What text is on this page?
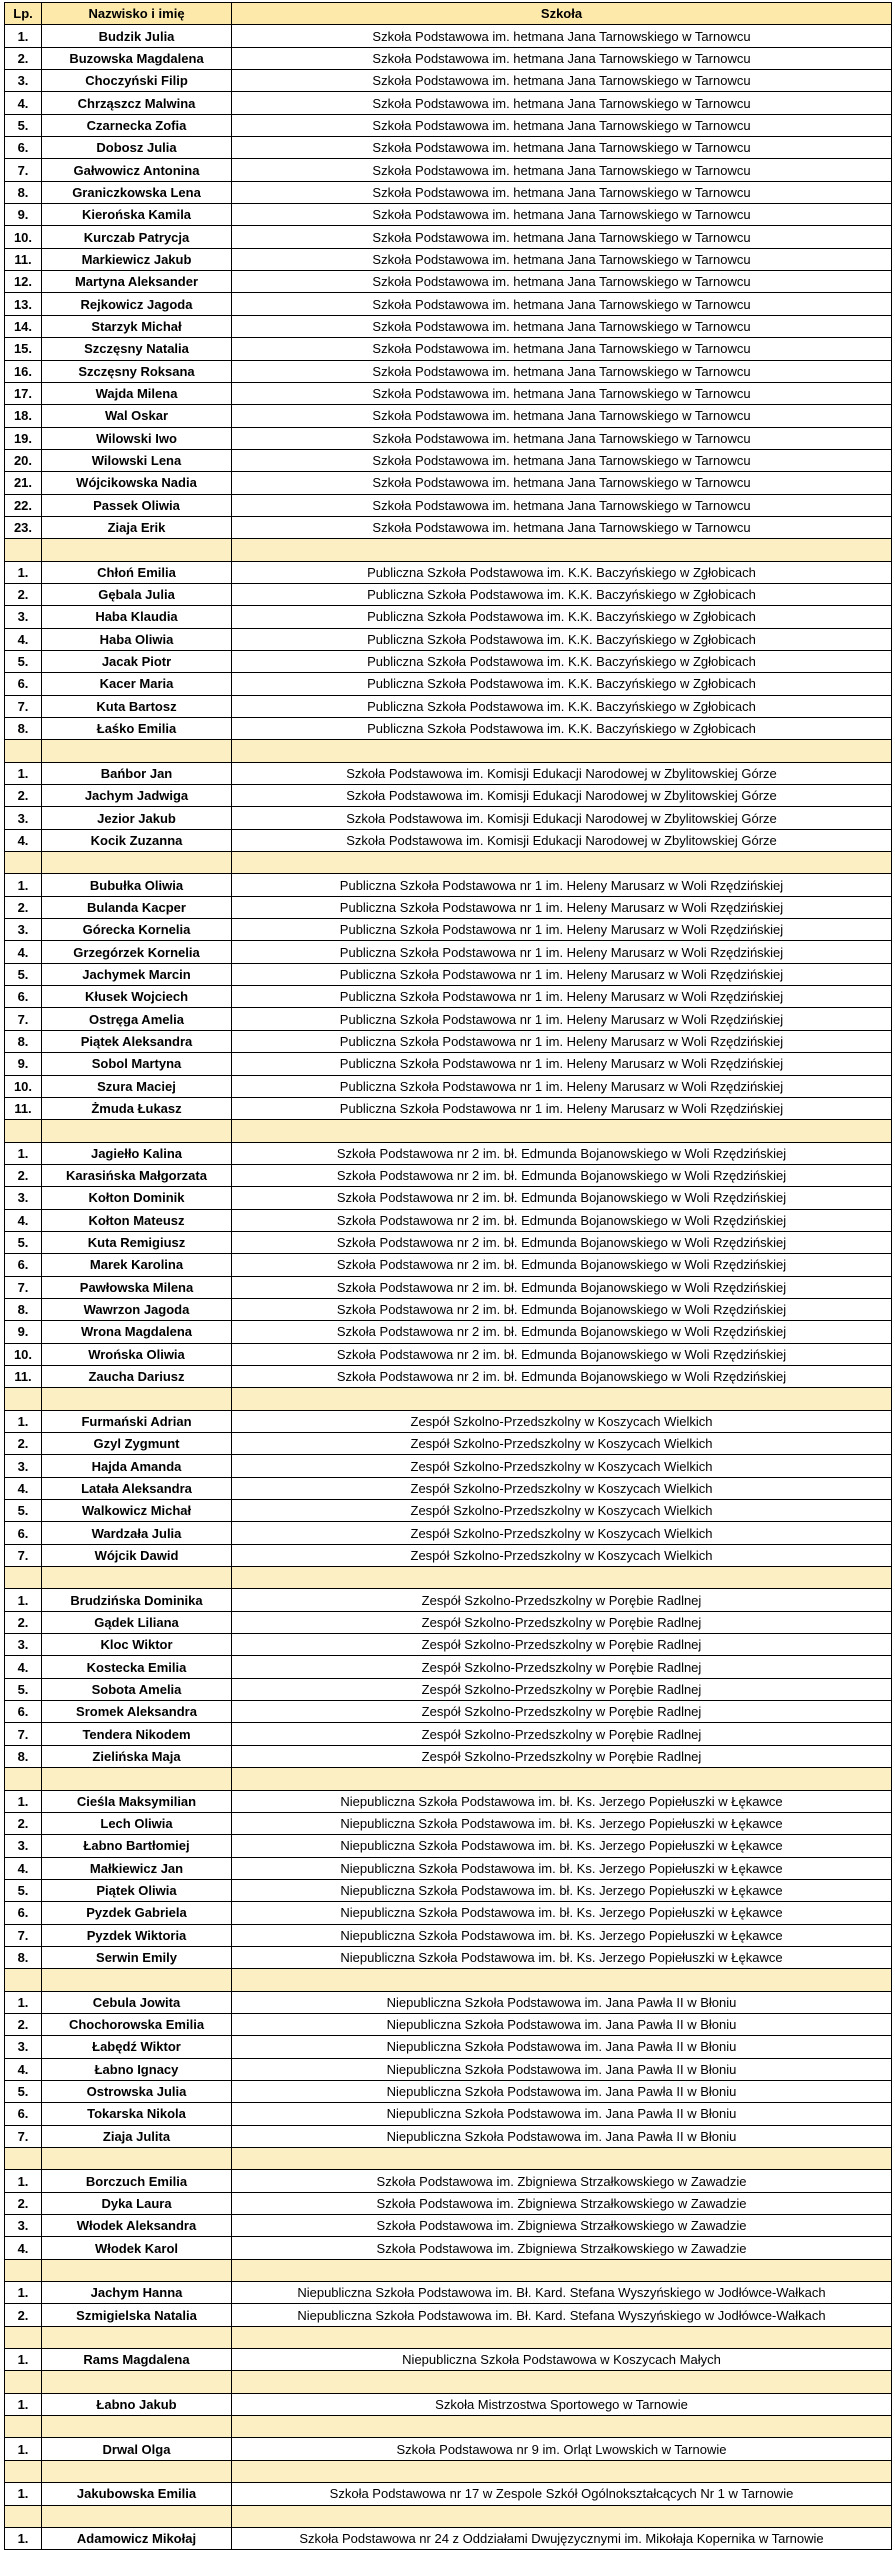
Lp.	Nazwisko i imię	Szkoła
1.	Budzik Julia	Szkoła Podstawowa im. hetmana Jana Tarnowskiego w Tarnowcu
2.	Buzowska Magdalena	Szkoła Podstawowa im. hetmana Jana Tarnowskiego w Tarnowcu
3.	Choczyński Filip	Szkoła Podstawowa im. hetmana Jana Tarnowskiego w Tarnowcu
4.	Chrząszcz Malwina	Szkoła Podstawowa im. hetmana Jana Tarnowskiego w Tarnowcu
5.	Czarnecka Zofia	Szkoła Podstawowa im. hetmana Jana Tarnowskiego w Tarnowcu
6.	Dobosz Julia	Szkoła Podstawowa im. hetmana Jana Tarnowskiego w Tarnowcu
7.	Gałwowicz Antonina	Szkoła Podstawowa im. hetmana Jana Tarnowskiego w Tarnowcu
8.	Graniczkowska Lena	Szkoła Podstawowa im. hetmana Jana Tarnowskiego w Tarnowcu
9.	Kierońska Kamila	Szkoła Podstawowa im. hetmana Jana Tarnowskiego w Tarnowcu
10.	Kurczab Patrycja	Szkoła Podstawowa im. hetmana Jana Tarnowskiego w Tarnowcu
11.	Markiewicz Jakub	Szkoła Podstawowa im. hetmana Jana Tarnowskiego w Tarnowcu
12.	Martyna Aleksander	Szkoła Podstawowa im. hetmana Jana Tarnowskiego w Tarnowcu
13.	Rejkowicz Jagoda	Szkoła Podstawowa im. hetmana Jana Tarnowskiego w Tarnowcu
14.	Starzyk Michał	Szkoła Podstawowa im. hetmana Jana Tarnowskiego w Tarnowcu
15.	Szczęsny Natalia	Szkoła Podstawowa im. hetmana Jana Tarnowskiego w Tarnowcu
16.	Szczęsny Roksana	Szkoła Podstawowa im. hetmana Jana Tarnowskiego w Tarnowcu
17.	Wajda Milena	Szkoła Podstawowa im. hetmana Jana Tarnowskiego w Tarnowcu
18.	Wal Oskar	Szkoła Podstawowa im. hetmana Jana Tarnowskiego w Tarnowcu
19.	Wilowski Iwo	Szkoła Podstawowa im. hetmana Jana Tarnowskiego w Tarnowcu
20.	Wilowski Lena	Szkoła Podstawowa im. hetmana Jana Tarnowskiego w Tarnowcu
21.	Wójcikowska Nadia	Szkoła Podstawowa im. hetmana Jana Tarnowskiego w Tarnowcu
22.	Passek Oliwia	Szkoła Podstawowa im. hetmana Jana Tarnowskiego w Tarnowcu
23.	Ziaja Erik	Szkoła Podstawowa im. hetmana Jana Tarnowskiego w Tarnowcu

1.	Chłoń Emilia	Publiczna Szkoła Podstawowa im. K.K. Baczyńskiego w Zgłobicach
2.	Gębala Julia	Publiczna Szkoła Podstawowa im. K.K. Baczyńskiego w Zgłobicach
3.	Haba Klaudia	Publiczna Szkoła Podstawowa im. K.K. Baczyńskiego w Zgłobicach
4.	Haba Oliwia	Publiczna Szkoła Podstawowa im. K.K. Baczyńskiego w Zgłobicach
5.	Jacak Piotr	Publiczna Szkoła Podstawowa im. K.K. Baczyńskiego w Zgłobicach
6.	Kacer Maria	Publiczna Szkoła Podstawowa im. K.K. Baczyńskiego w Zgłobicach
7.	Kuta Bartosz	Publiczna Szkoła Podstawowa im. K.K. Baczyńskiego w Zgłobicach
8.	Łaśko Emilia	Publiczna Szkoła Podstawowa im. K.K. Baczyńskiego w Zgłobicach

1.	Bańbor Jan	Szkoła Podstawowa im. Komisji Edukacji Narodowej w Zbylitowskiej Górze
2.	Jachym Jadwiga	Szkoła Podstawowa im. Komisji Edukacji Narodowej w Zbylitowskiej Górze
3.	Jezior Jakub	Szkoła Podstawowa im. Komisji Edukacji Narodowej w Zbylitowskiej Górze
4.	Kocik Zuzanna	Szkoła Podstawowa im. Komisji Edukacji Narodowej w Zbylitowskiej Górze

1.	Bubułka Oliwia	Publiczna Szkoła Podstawowa nr 1 im. Heleny Marusarz w Woli Rzędzińskiej
2.	Bulanda Kacper	Publiczna Szkoła Podstawowa nr 1 im. Heleny Marusarz w Woli Rzędzińskiej
3.	Górecka Kornelia	Publiczna Szkoła Podstawowa nr 1 im. Heleny Marusarz w Woli Rzędzińskiej
4.	Grzegórzek Kornelia	Publiczna Szkoła Podstawowa nr 1 im. Heleny Marusarz w Woli Rzędzińskiej
5.	Jachymek Marcin	Publiczna Szkoła Podstawowa nr 1 im. Heleny Marusarz w Woli Rzędzińskiej
6.	Kłusek Wojciech	Publiczna Szkoła Podstawowa nr 1 im. Heleny Marusarz w Woli Rzędzińskiej
7.	Ostręga Amelia	Publiczna Szkoła Podstawowa nr 1 im. Heleny Marusarz w Woli Rzędzińskiej
8.	Piątek Aleksandra	Publiczna Szkoła Podstawowa nr 1 im. Heleny Marusarz w Woli Rzędzińskiej
9.	Sobol Martyna	Publiczna Szkoła Podstawowa nr 1 im. Heleny Marusarz w Woli Rzędzińskiej
10.	Szura Maciej	Publiczna Szkoła Podstawowa nr 1 im. Heleny Marusarz w Woli Rzędzińskiej
11.	Żmuda Łukasz	Publiczna Szkoła Podstawowa nr 1 im. Heleny Marusarz w Woli Rzędzińskiej

1.	Jagiełło Kalina	Szkoła Podstawowa nr 2 im. bł. Edmunda Bojanowskiego w Woli Rzędzińskiej
2.	Karasińska Małgorzata	Szkoła Podstawowa nr 2 im. bł. Edmunda Bojanowskiego w Woli Rzędzińskiej
3.	Kołton Dominik	Szkoła Podstawowa nr 2 im. bł. Edmunda Bojanowskiego w Woli Rzędzińskiej
4.	Kołton Mateusz	Szkoła Podstawowa nr 2 im. bł. Edmunda Bojanowskiego w Woli Rzędzińskiej
5.	Kuta Remigiusz	Szkoła Podstawowa nr 2 im. bł. Edmunda Bojanowskiego w Woli Rzędzińskiej
6.	Marek Karolina	Szkoła Podstawowa nr 2 im. bł. Edmunda Bojanowskiego w Woli Rzędzińskiej
7.	Pawłowska Milena	Szkoła Podstawowa nr 2 im. bł. Edmunda Bojanowskiego w Woli Rzędzińskiej
8.	Wawrzon Jagoda	Szkoła Podstawowa nr 2 im. bł. Edmunda Bojanowskiego w Woli Rzędzińskiej
9.	Wrona Magdalena	Szkoła Podstawowa nr 2 im. bł. Edmunda Bojanowskiego w Woli Rzędzińskiej
10.	Wrońska Oliwia	Szkoła Podstawowa nr 2 im. bł. Edmunda Bojanowskiego w Woli Rzędzińskiej
11.	Zaucha Dariusz	Szkoła Podstawowa nr 2 im. bł. Edmunda Bojanowskiego w Woli Rzędzińskiej

1.	Furmański Adrian	Zespół Szkolno-Przedszkolny w Koszycach Wielkich
2.	Gzyl Zygmunt	Zespół Szkolno-Przedszkolny w Koszycach Wielkich
3.	Hajda Amanda	Zespół Szkolno-Przedszkolny w Koszycach Wielkich
4.	Latała Aleksandra	Zespół Szkolno-Przedszkolny w Koszycach Wielkich
5.	Walkowicz Michał	Zespół Szkolno-Przedszkolny w Koszycach Wielkich
6.	Wardzała Julia	Zespół Szkolno-Przedszkolny w Koszycach Wielkich
7.	Wójcik Dawid	Zespół Szkolno-Przedszkolny w Koszycach Wielkich

1.	Brudzińska Dominika	Zespół Szkolno-Przedszkolny w Porębie Radlnej
2.	Gądek Liliana	Zespół Szkolno-Przedszkolny w Porębie Radlnej
3.	Kloc Wiktor	Zespół Szkolno-Przedszkolny w Porębie Radlnej
4.	Kostecka Emilia	Zespół Szkolno-Przedszkolny w Porębie Radlnej
5.	Sobota Amelia	Zespół Szkolno-Przedszkolny w Porębie Radlnej
6.	Sromek Aleksandra	Zespół Szkolno-Przedszkolny w Porębie Radlnej
7.	Tendera Nikodem	Zespół Szkolno-Przedszkolny w Porębie Radlnej
8.	Zielińska Maja	Zespół Szkolno-Przedszkolny w Porębie Radlnej

1.	Cieśla Maksymilian	Niepubliczna Szkoła Podstawowa im. bł. Ks. Jerzego Popiełuszki w Łękawce
2.	Lech Oliwia	Niepubliczna Szkoła Podstawowa im. bł. Ks. Jerzego Popiełuszki w Łękawce
3.	Łabno Bartłomiej	Niepubliczna Szkoła Podstawowa im. bł. Ks. Jerzego Popiełuszki w Łękawce
4.	Małkiewicz Jan	Niepubliczna Szkoła Podstawowa im. bł. Ks. Jerzego Popiełuszki w Łękawce
5.	Piątek Oliwia	Niepubliczna Szkoła Podstawowa im. bł. Ks. Jerzego Popiełuszki w Łękawce
6.	Pyzdek Gabriela	Niepubliczna Szkoła Podstawowa im. bł. Ks. Jerzego Popiełuszki w Łękawce
7.	Pyzdek Wiktoria	Niepubliczna Szkoła Podstawowa im. bł. Ks. Jerzego Popiełuszki w Łękawce
8.	Serwin Emily	Niepubliczna Szkoła Podstawowa im. bł. Ks. Jerzego Popiełuszki w Łękawce

1.	Cebula Jowita	Niepubliczna Szkoła Podstawowa im. Jana Pawła II w Błoniu
2.	Chochorowska Emilia	Niepubliczna Szkoła Podstawowa im. Jana Pawła II w Błoniu
3.	Łabędź Wiktor	Niepubliczna Szkoła Podstawowa im. Jana Pawła II w Błoniu
4.	Łabno Ignacy	Niepubliczna Szkoła Podstawowa im. Jana Pawła II w Błoniu
5.	Ostrowska Julia	Niepubliczna Szkoła Podstawowa im. Jana Pawła II w Błoniu
6.	Tokarska Nikola	Niepubliczna Szkoła Podstawowa im. Jana Pawła II w Błoniu
7.	Ziaja Julita	Niepubliczna Szkoła Podstawowa im. Jana Pawła II w Błoniu

1.	Borczuch Emilia	Szkoła Podstawowa im. Zbigniewa Strzałkowskiego w Zawadzie
2.	Dyka Laura	Szkoła Podstawowa im. Zbigniewa Strzałkowskiego w Zawadzie
3.	Włodek Aleksandra	Szkoła Podstawowa im. Zbigniewa Strzałkowskiego w Zawadzie
4.	Włodek Karol	Szkoła Podstawowa im. Zbigniewa Strzałkowskiego w Zawadzie

1.	Jachym Hanna	Niepubliczna Szkoła Podstawowa im. Bł. Kard. Stefana Wyszyńskiego w Jodłówce-Wałkach
2.	Szmigielska Natalia	Niepubliczna Szkoła Podstawowa im. Bł. Kard. Stefana Wyszyńskiego w Jodłówce-Wałkach

1.	Rams Magdalena	Niepubliczna Szkoła Podstawowa w Koszycach Małych

1.	Łabno Jakub	Szkoła Mistrzostwa Sportowego w Tarnowie

1.	Drwal Olga	Szkoła Podstawowa nr 9 im. Orląt Lwowskich w Tarnowie

1.	Jakubowska Emilia	Szkoła Podstawowa nr 17 w Zespole Szkół Ogólnokształcących Nr 1 w Tarnowie

1.	Adamowicz Mikołaj	Szkoła Podstawowa nr 24 z Oddziałami Dwujęzycznymi im. Mikołaja Kopernika w Tarnowie
